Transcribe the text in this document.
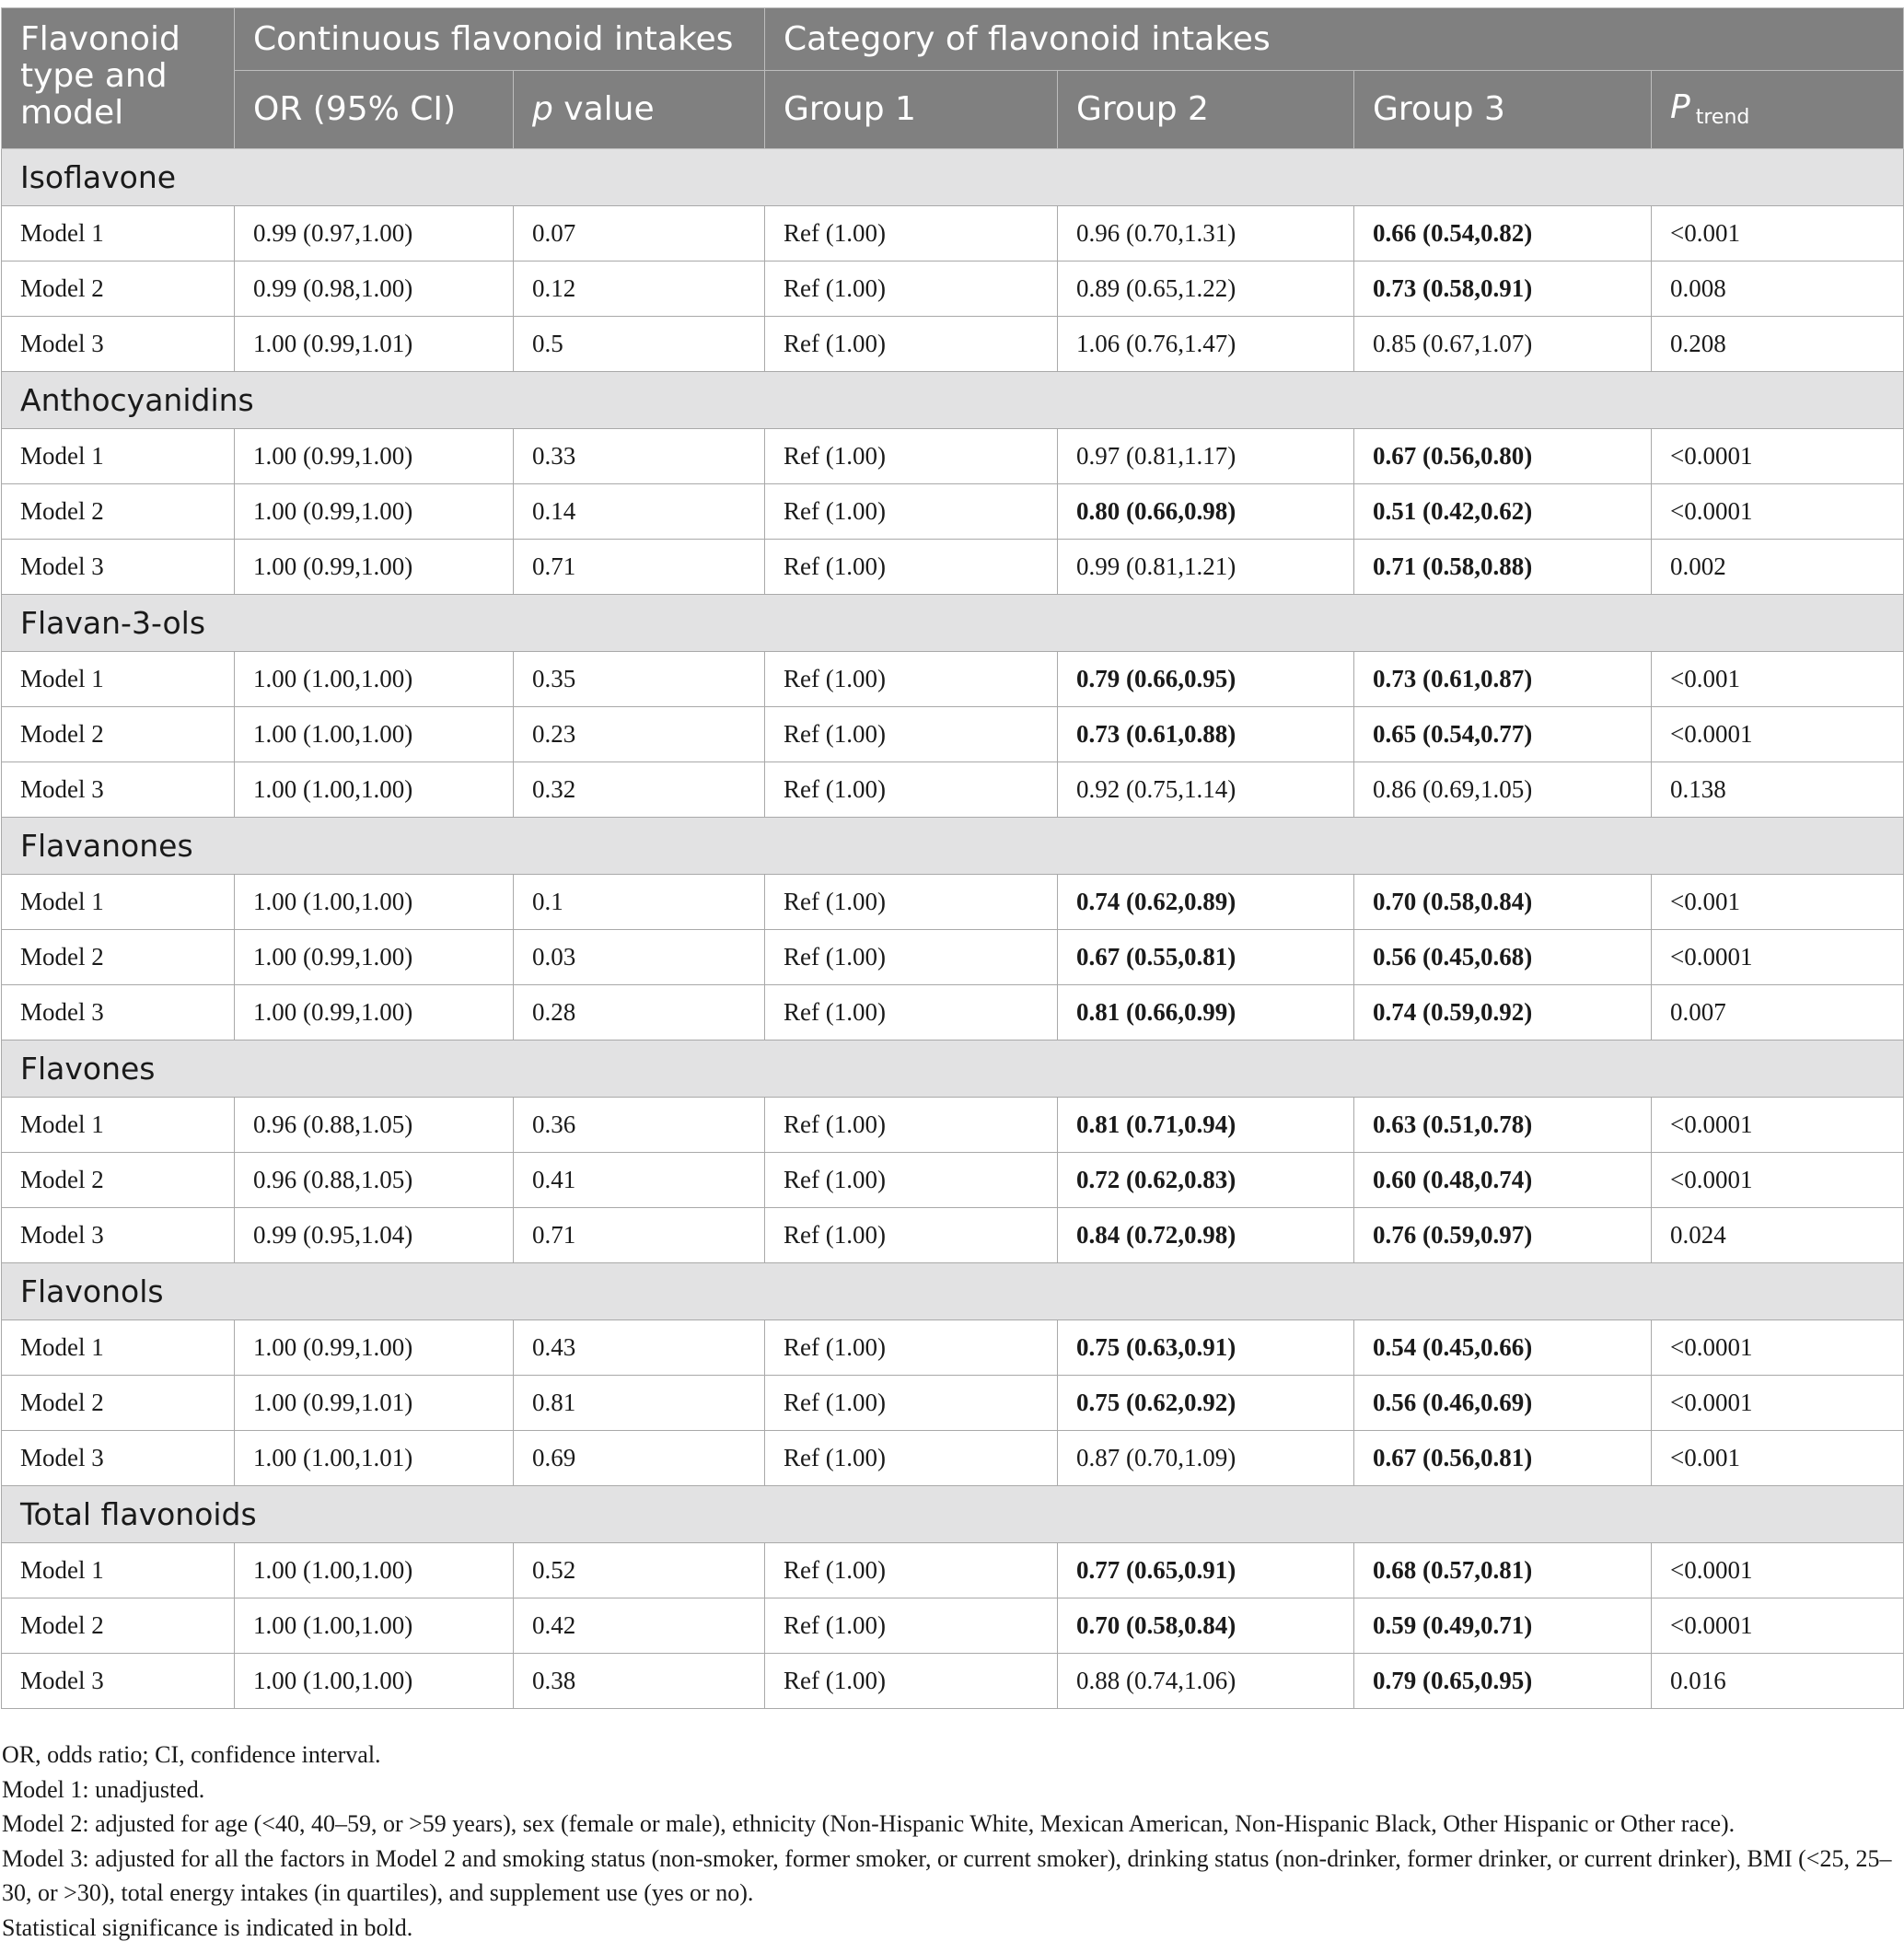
Flavonoid type and model	Continuous flavonoid intakes		Category of flavonoid intakes			
	OR (95% CI)	p value	Group 1	Group 2	Group 3	P trend
Isoflavone						
Model 1	0.99 (0.97,1.00)	0.07	Ref (1.00)	0.96 (0.70,1.31)	0.66 (0.54,0.82)	<0.001
Model 2	0.99 (0.98,1.00)	0.12	Ref (1.00)	0.89 (0.65,1.22)	0.73 (0.58,0.91)	0.008
Model 3	1.00 (0.99,1.01)	0.5	Ref (1.00)	1.06 (0.76,1.47)	0.85 (0.67,1.07)	0.208
Anthocyanidins						
Model 1	1.00 (0.99,1.00)	0.33	Ref (1.00)	0.97 (0.81,1.17)	0.67 (0.56,0.80)	<0.0001
Model 2	1.00 (0.99,1.00)	0.14	Ref (1.00)	0.80 (0.66,0.98)	0.51 (0.42,0.62)	<0.0001
Model 3	1.00 (0.99,1.00)	0.71	Ref (1.00)	0.99 (0.81,1.21)	0.71 (0.58,0.88)	0.002
Flavan-3-ols						
Model 1	1.00 (1.00,1.00)	0.35	Ref (1.00)	0.79 (0.66,0.95)	0.73 (0.61,0.87)	<0.001
Model 2	1.00 (1.00,1.00)	0.23	Ref (1.00)	0.73 (0.61,0.88)	0.65 (0.54,0.77)	<0.0001
Model 3	1.00 (1.00,1.00)	0.32	Ref (1.00)	0.92 (0.75,1.14)	0.86 (0.69,1.05)	0.138
Flavanones						
Model 1	1.00 (1.00,1.00)	0.1	Ref (1.00)	0.74 (0.62,0.89)	0.70 (0.58,0.84)	<0.001
Model 2	1.00 (0.99,1.00)	0.03	Ref (1.00)	0.67 (0.55,0.81)	0.56 (0.45,0.68)	<0.0001
Model 3	1.00 (0.99,1.00)	0.28	Ref (1.00)	0.81 (0.66,0.99)	0.74 (0.59,0.92)	0.007
Flavones						
Model 1	0.96 (0.88,1.05)	0.36	Ref (1.00)	0.81 (0.71,0.94)	0.63 (0.51,0.78)	<0.0001
Model 2	0.96 (0.88,1.05)	0.41	Ref (1.00)	0.72 (0.62,0.83)	0.60 (0.48,0.74)	<0.0001
Model 3	0.99 (0.95,1.04)	0.71	Ref (1.00)	0.84 (0.72,0.98)	0.76 (0.59,0.97)	0.024
Flavonols						
Model 1	1.00 (0.99,1.00)	0.43	Ref (1.00)	0.75 (0.63,0.91)	0.54 (0.45,0.66)	<0.0001
Model 2	1.00 (0.99,1.01)	0.81	Ref (1.00)	0.75 (0.62,0.92)	0.56 (0.46,0.69)	<0.0001
Model 3	1.00 (1.00,1.01)	0.69	Ref (1.00)	0.87 (0.70,1.09)	0.67 (0.56,0.81)	<0.001
Total flavonoids						
Model 1	1.00 (1.00,1.00)	0.52	Ref (1.00)	0.77 (0.65,0.91)	0.68 (0.57,0.81)	<0.0001
Model 2	1.00 (1.00,1.00)	0.42	Ref (1.00)	0.70 (0.58,0.84)	0.59 (0.49,0.71)	<0.0001
Model 3	1.00 (1.00,1.00)	0.38	Ref (1.00)	0.88 (0.74,1.06)	0.79 (0.65,0.95)	0.016

OR, odds ratio; CI, confidence interval.

Model 1: unadjusted.

Model 2: adjusted for age (<40, 40–59, or >59 years), sex (female or male), ethnicity (Non-Hispanic White, Mexican American, Non-Hispanic Black, Other Hispanic or Other race).

Model 3: adjusted for all the factors in Model 2 and smoking status (non-smoker, former smoker, or current smoker), drinking status (non-drinker, former drinker, or current drinker), BMI (<25, 25–30, or >30), total energy intakes (in quartiles), and supplement use (yes or no).

Statistical significance is indicated in bold.
